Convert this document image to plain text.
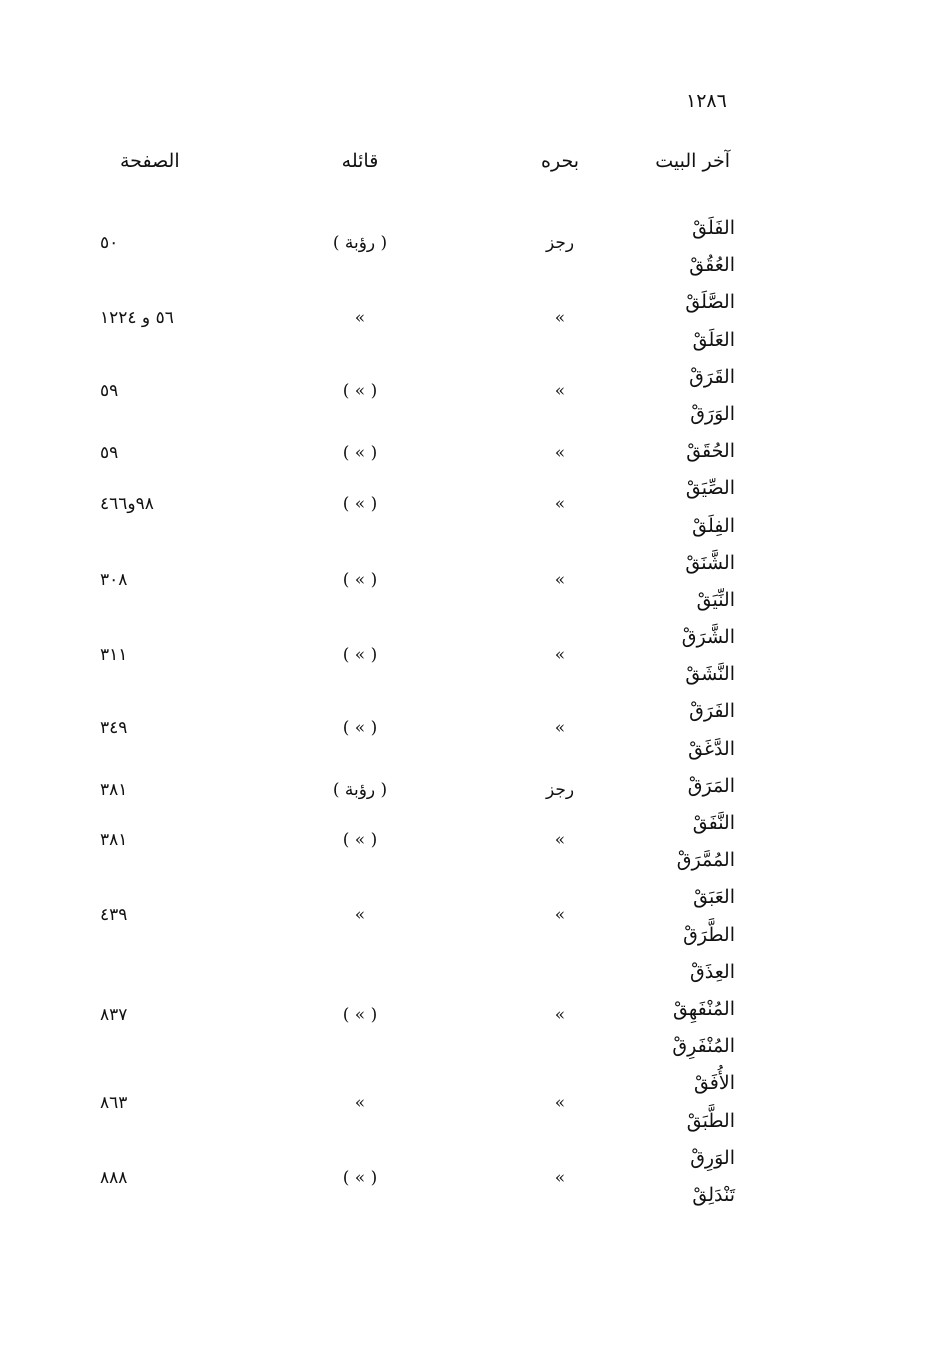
١٢٨٦
آخر البيت
بحره
قائله
الصفحة
الفَلَقْ
العُقُقْ
الصَّلَقْ
العَلَقْ
القَرَقْ
الوَرَقْ
الحُقَقْ
الصِّيَقْ
الفِلَقْ
الشَّنَقْ
النِّيَقْ
الشَّرَقْ
النَّشَقْ
الفَرَقْ
الدَّغَقْ
المَرَقْ
النَّفَقْ
المُمَّرَقْ
العَبَقْ
الطَّرَقْ
العِذَقْ
المُنْفَهِقْ
المُنْفَرِقْ
الأُفَقْ
الطَّبَقْ
الوَرِقْ
تَنْدَلِقْ
رجز
( رؤبة )
٥٠
»
»
٥٦ و ١٢٢٤
»
( » )
٥٩
»
( » )
٥٩
»
( » )
٩٨و٤٦٦
»
( » )
٣٠٨
»
( » )
٣١١
»
( » )
٣٤٩
رجز
( رؤبة )
٣٨١
»
( » )
٣٨١
»
»
٤٣٩
»
( » )
٨٣٧
»
»
٨٦٣
»
( » )
٨٨٨
